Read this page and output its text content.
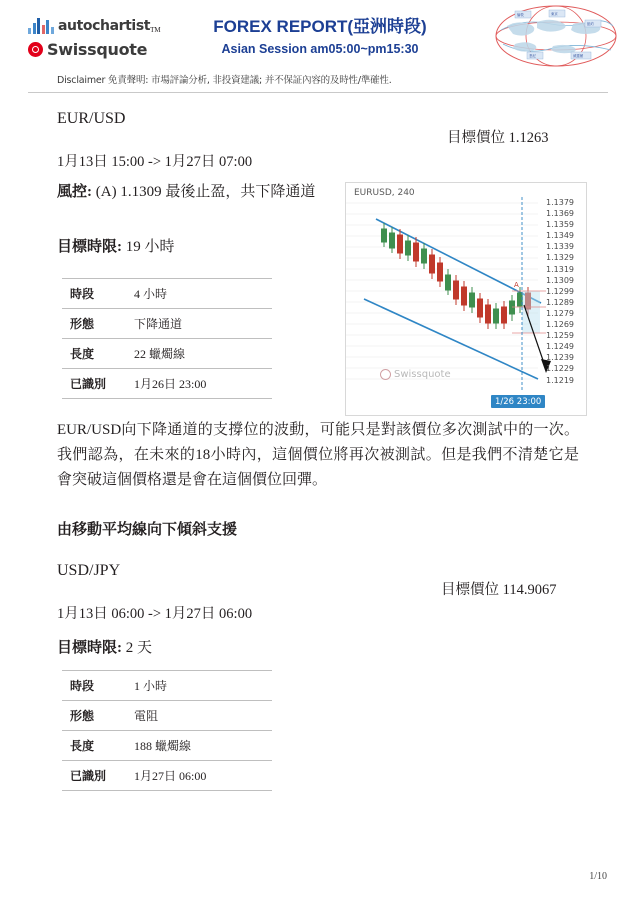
autochartist TM
Swissquote
FOREX REPORT(亞洲時段)
Asian Session am05:00~pm15:30
倫敦	東京
紐約
悉尼	威靈頓
Disclaimer 免責聲明: 市場評論分析, 非投資建議; 并不保証內容的及時性/準確性.
EUR/USD
目標價位 1.1263
1月13日 15:00 -> 1月27日 07:00
風控: (A) 1.1309 最後止盈，共下降通道
目標時限: 19 小時
時段	4 小時
形態	下降通道
長度	22 蠟燭線
已識別	1月26日 23:00
EURUSD, 240
A
1.1379
1.1369
1.1359
1.1349
1.1339
1.1329
1.1319
1.1309
1.1299
1.1289
1.1279
1.1269
1.1259
1.1249
1.1239
1.1229
1.1219
Swissquote
1/26 23:00
EUR/USD向下降通道的支撐位的波動，可能只是對該價位多次測試中的一次。我們認為，在未來的18小時內，這個價位將再次被測試。但是我們不清楚它是會突破這個價格還是會在這個價位回彈。
由移動平均線向下傾斜支援
USD/JPY
目標價位 114.9067
1月13日 06:00 -> 1月27日 06:00
目標時限: 2 天
時段	1 小時
形態	電阻
長度	188 蠟燭線
已識別	1月27日 06:00
1/10
